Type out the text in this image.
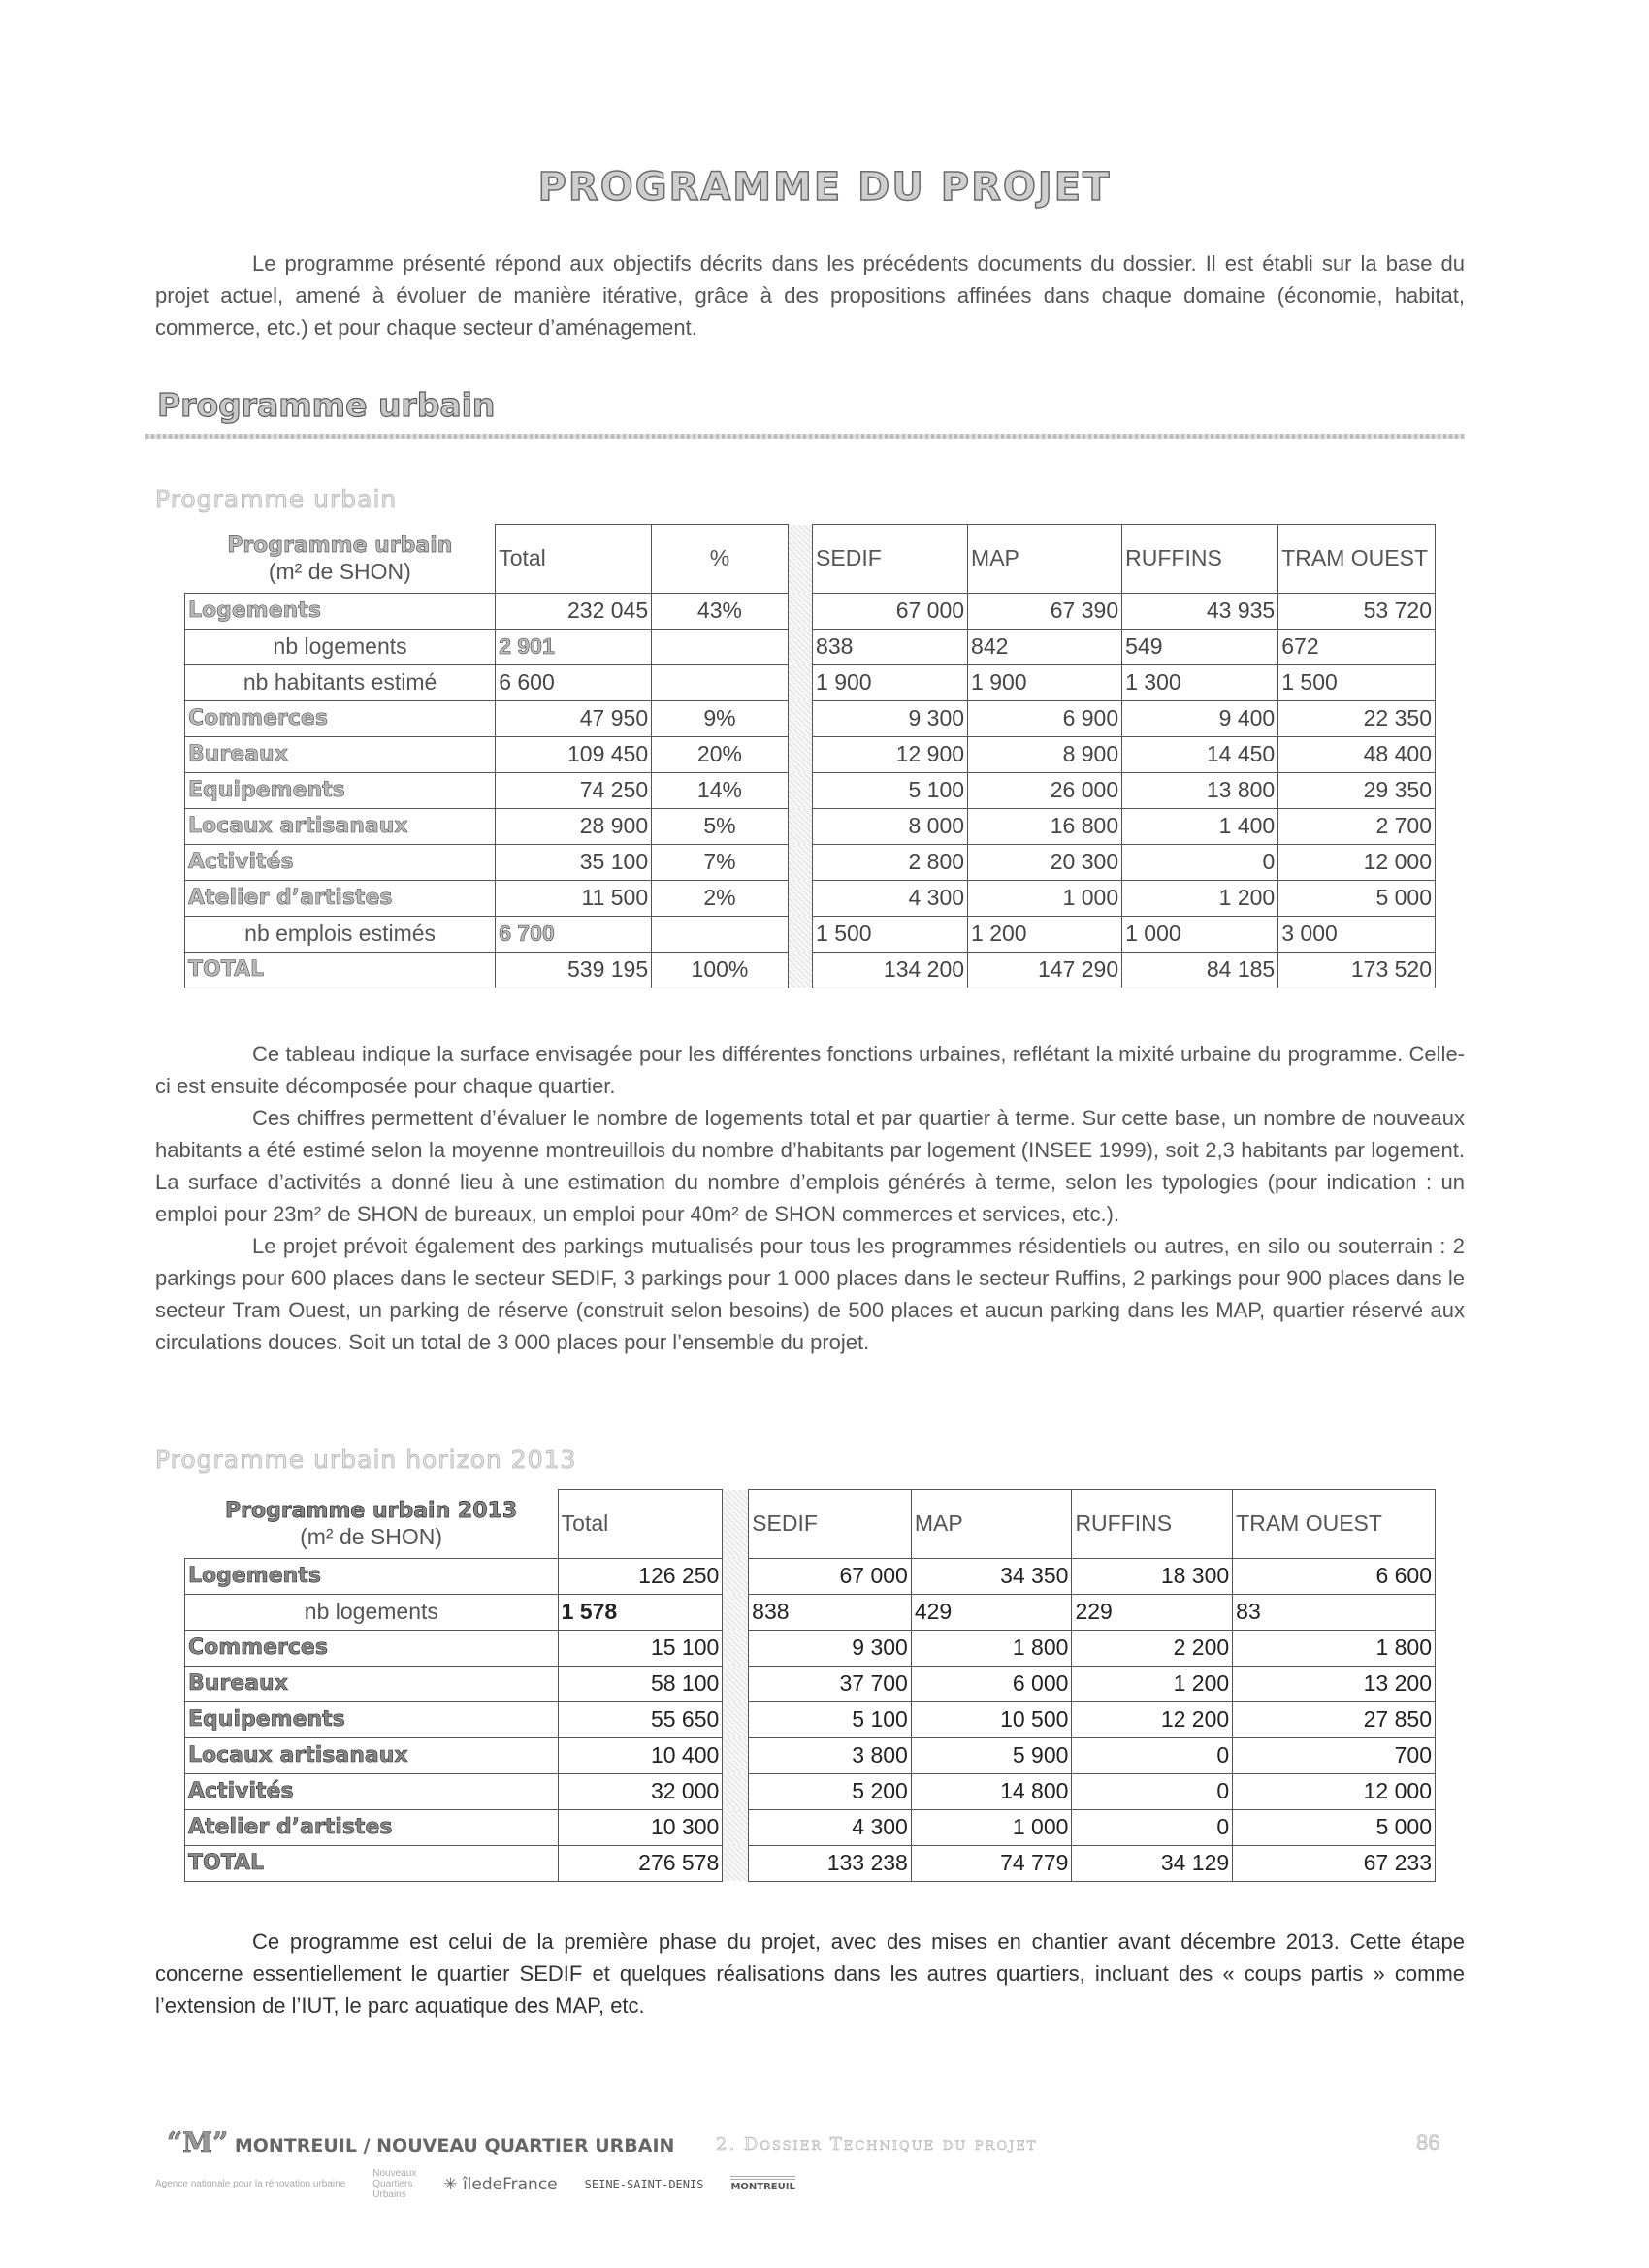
PROGRAMME DU PROJET

Le programme présenté répond aux objectifs décrits dans les précédents documents du dossier. Il est établi sur la base du projet actuel, amené à évoluer de manière itérative, grâce à des propositions affinées dans chaque domaine (économie, habitat, commerce, etc.) et pour chaque secteur d’aménagement.

Programme urbain
Programme urbain
Programme urbain
(m² de SHON)	Total	%		SEDIF	MAP	RUFFINS	TRAM OUEST
Logements	232 045	43%		67 000	67 390	43 935	53 720
nb logements	2 901			838	842	549	672
nb habitants estimé	6 600			1 900	1 900	1 300	1 500
Commerces	47 950	9%		9 300	6 900	9 400	22 350
Bureaux	109 450	20%		12 900	8 900	14 450	48 400
Equipements	74 250	14%		5 100	26 000	13 800	29 350
Locaux artisanaux	28 900	5%		8 000	16 800	1 400	2 700
Activités	35 100	7%		2 800	20 300	0	12 000
Atelier d’artistes	11 500	2%		4 300	1 000	1 200	5 000
nb emplois estimés	6 700			1 500	1 200	1 000	3 000
TOTAL	539 195	100%		134 200	147 290	84 185	173 520

Ce tableau indique la surface envisagée pour les différentes fonctions urbaines, reflétant la mixité urbaine du programme. Celle-ci est ensuite décomposée pour chaque quartier.

Ces chiffres permettent d’évaluer le nombre de logements total et par quartier à terme. Sur cette base, un nombre de nouveaux habitants a été estimé selon la moyenne montreuillois du nombre d’habitants par logement (INSEE 1999), soit 2,3 habitants par logement. La surface d’activités a donné lieu à une estimation du nombre d’emplois générés à terme, selon les typologies (pour indication : un emploi pour 23m² de SHON de bureaux, un emploi pour 40m² de SHON commerces et services, etc.).

Le projet prévoit également des parkings mutualisés pour tous les programmes résidentiels ou autres, en silo ou souterrain : 2 parkings pour 600 places dans le secteur SEDIF, 3 parkings pour 1 000 places dans le secteur Ruffins, 2 parkings pour 900 places dans le secteur Tram Ouest, un parking de réserve (construit selon besoins) de 500 places et aucun parking dans les MAP, quartier réservé aux circulations douces. Soit un total de 3 000 places pour l’ensemble du projet.

Programme urbain horizon 2013
Programme urbain 2013
(m² de SHON)	Total		SEDIF	MAP	RUFFINS	TRAM OUEST
Logements	126 250		67 000	34 350	18 300	6 600
nb logements	1 578		838	429	229	83
Commerces	15 100		9 300	1 800	2 200	1 800
Bureaux	58 100		37 700	6 000	1 200	13 200
Equipements	55 650		5 100	10 500	12 200	27 850
Locaux artisanaux	10 400		3 800	5 900	0	700
Activités	32 000		5 200	14 800	0	12 000
Atelier d’artistes	10 300		4 300	1 000	0	5 000
TOTAL	276 578		133 238	74 779	34 129	67 233

Ce programme est celui de la première phase du projet, avec des mises en chantier avant décembre 2013. Cette étape concerne essentiellement le quartier SEDIF et quelques réalisations dans les autres quartiers, incluant des « coups partis » comme l’extension de l’IUT, le parc aquatique des MAP, etc.

“M” MONTREUIL / NOUVEAU QUARTIER URBAIN 2. Dossier Technique du projet	86
Agence nationale pour la rénovation urbaine
Nouveaux
Quartiers
Urbains
✳ îledeFrance SEINE-SAINT-DENIS	MONTREUIL
